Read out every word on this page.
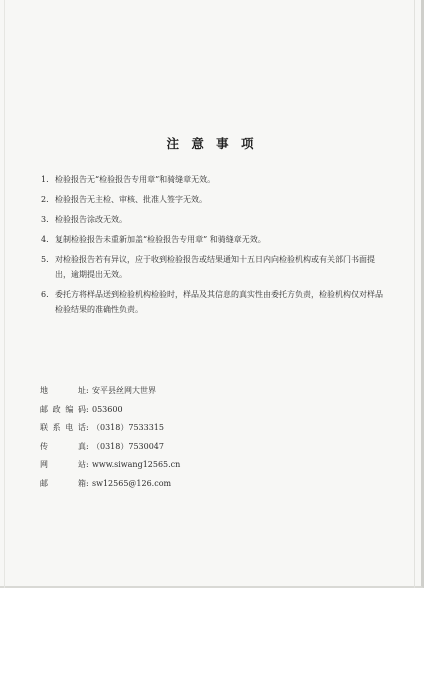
注 意 事 项
1. 检验报告无“检验报告专用章”和骑缝章无效。
2. 检验报告无主检、审核、批准人签字无效。
3. 检验报告涂改无效。
4. 复制检验报告未重新加盖“检验报告专用章” 和骑缝章无效。
5. 对检验报告若有异议，应于收到检验报告或结果通知十五日内向检验机构或有关部门书面提出，逾期提出无效。
6. 委托方将样品送到检验机构检验时，样品及其信息的真实性由委托方负责，检验机构仅对样品检验结果的准确性负责。
地　址: 安平县丝网大世界
邮政编码: 053600
联系电话: （0318）7533315
传　真: （0318）7530047
网　站: www.siwang12565.cn
邮　箱: sw12565@126.com
